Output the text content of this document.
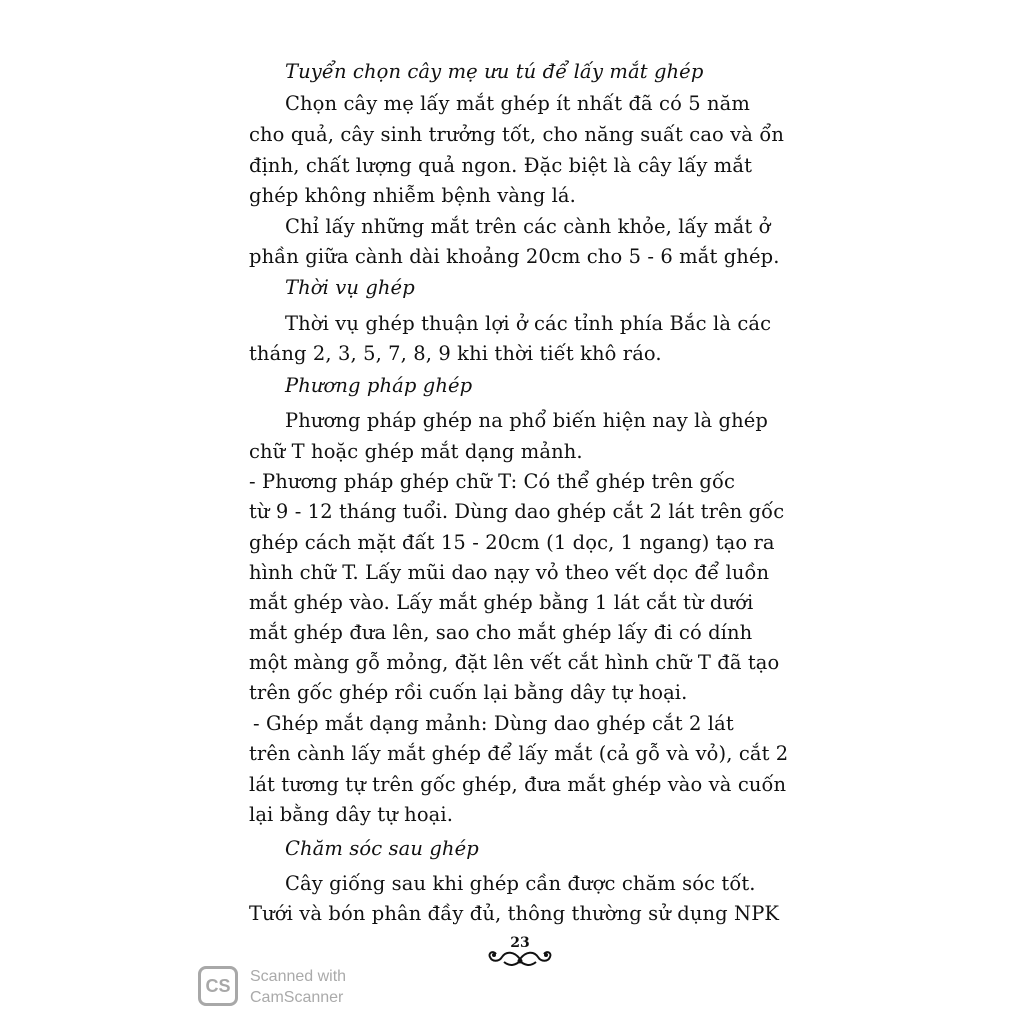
Tuyển chọn cây mẹ ưu tú để lấy mắt ghép
Chọn cây mẹ lấy mắt ghép ít nhất đã có 5 năm
cho quả, cây sinh trưởng tốt, cho năng suất cao và ổn
định, chất lượng quả ngon. Đặc biệt là cây lấy mắt
ghép không nhiễm bệnh vàng lá.
Chỉ lấy những mắt trên các cành khỏe, lấy mắt ở
phần giữa cành dài khoảng 20cm cho 5 - 6 mắt ghép.
Thời vụ ghép
Thời vụ ghép thuận lợi ở các tỉnh phía Bắc là các
tháng 2, 3, 5, 7, 8, 9 khi thời tiết khô ráo.
Phương pháp ghép
Phương pháp ghép na phổ biến hiện nay là ghép
chữ T hoặc ghép mắt dạng mảnh.
- Phương pháp ghép chữ T: Có thể ghép trên gốc
từ 9 - 12 tháng tuổi. Dùng dao ghép cắt 2 lát trên gốc
ghép cách mặt đất 15 - 20cm (1 dọc, 1 ngang) tạo ra
hình chữ T. Lấy mũi dao nạy vỏ theo vết dọc để luồn
mắt ghép vào. Lấy mắt ghép bằng 1 lát cắt từ dưới
mắt ghép đưa lên, sao cho mắt ghép lấy đi có dính
một màng gỗ mỏng, đặt lên vết cắt hình chữ T đã tạo
trên gốc ghép rồi cuốn lại bằng dây tự hoại.
- Ghép mắt dạng mảnh: Dùng dao ghép cắt 2 lát
trên cành lấy mắt ghép để lấy mắt (cả gỗ và vỏ), cắt 2
lát tương tự trên gốc ghép, đưa mắt ghép vào và cuốn
lại bằng dây tự hoại.
Chăm sóc sau ghép
Cây giống sau khi ghép cần được chăm sóc tốt.
Tưới và bón phân đầy đủ, thông thường sử dụng NPK
23
CS Scanned with
CamScanner
